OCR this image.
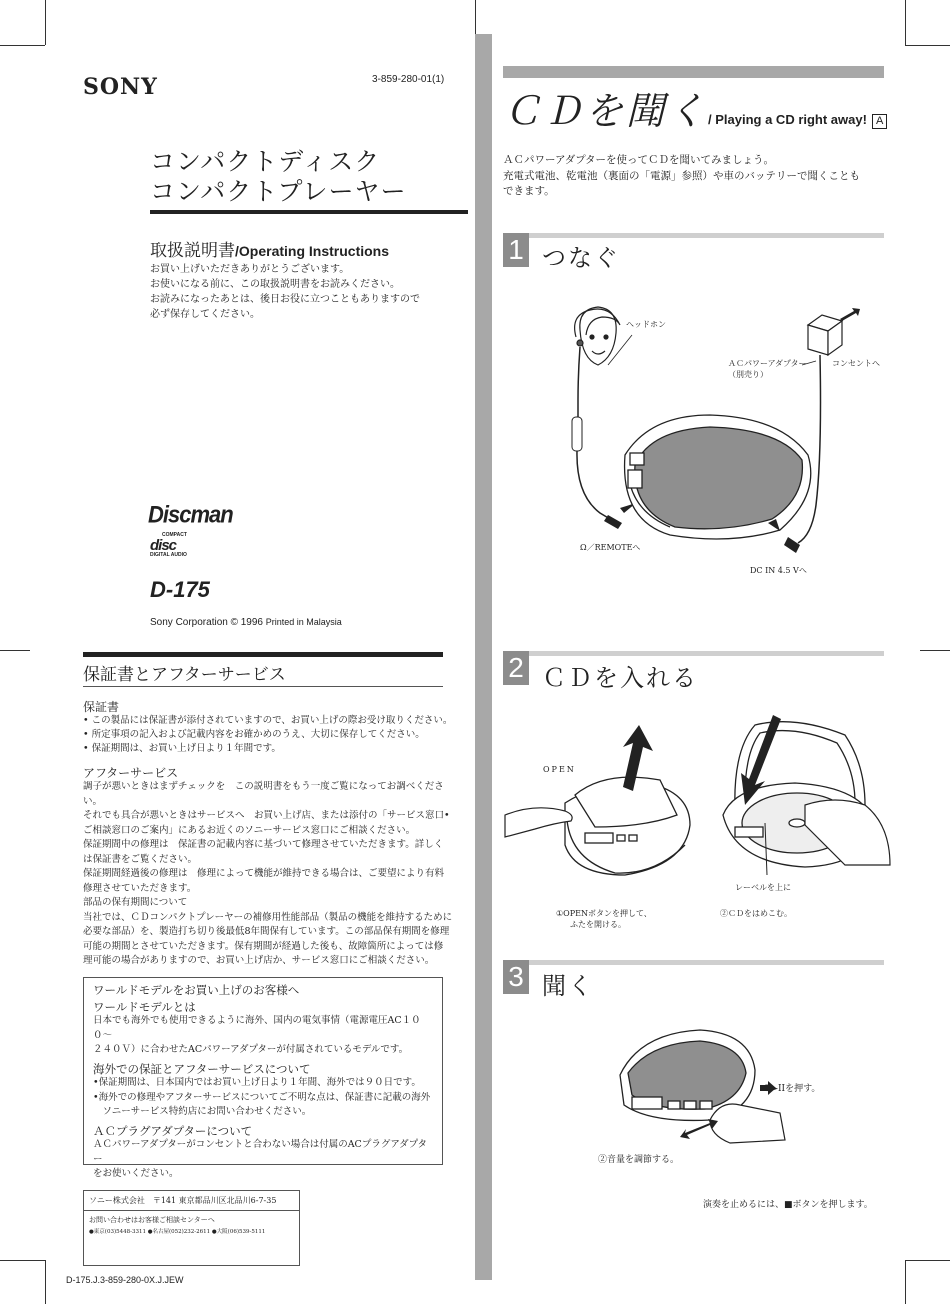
SONY	3-859-280-01(1)
コンパクトディスク
コンパクトプレーヤー
取扱説明書/Operating Instructions

お買い上げいただきありがとうございます。

お使いになる前に、この取扱説明書をお読みください。

お読みになったあとは、後日お役に立つこともありますので

必ず保存してください。

Discman
COMPACT
disc
DIGITAL AUDIO
D-175
Sony Corporation © 1996 Printed in Malaysia
保証書とアフターサービス
保証書
• この製品には保証書が添付されていますので、お買い上げの際お受け取りください。
• 所定事項の記入および記載内容をお確かめのうえ、大切に保存してください。
• 保証期間は、お買い上げ日より１年間です。
アフターサービス

調子が悪いときはまずチェックを　この説明書をもう一度ご覧になってお調べくださ

い。

それでも具合が悪いときはサービスへ　お買い上げ店、または添付の「サービス窓口•

ご相談窓口のご案内」にあるお近くのソニーサービス窓口にご相談ください。

保証期間中の修理は　保証書の記載内容に基づいて修理させていただきます。詳しく

は保証書をご覧ください。

保証期間経過後の修理は　修理によって機能が維持できる場合は、ご要望により有料

修理させていただきます。

部品の保有期間について

当社では、ＣＤコンパクトプレーヤーの補修用性能部品（製品の機能を維持するために

必要な部品）を、製造打ち切り後最低8年間保有しています。この部品保有期間を修理

可能の期間とさせていただきます。保有期間が経過した後も、故障箇所によっては修

理可能の場合がありますので、お買い上げ店か、サービス窓口にご相談ください。

ワールドモデルをお買い上げのお客様へ

ワールドモデルとは

日本でも海外でも使用できるように海外、国内の電気事情（電源電圧AC１００〜

２４０Ｖ）に合わせたACパワーアダプターが付属されているモデルです。

海外での保証とアフターサービスについて

•保証期間は、日本国内ではお買い上げ日より１年間、海外では９０日です。

•海外での修理やアフターサービスについてご不明な点は、保証書に記載の海外

　ソニーサービス特約店にお問い合わせください。

ＡＣプラグアダプターについて

ＡＣパワーアダプターがコンセントと合わない場合は付属のACプラグアダプター

をお使いください。

ソニー株式会社　〒141 東京都品川区北品川6-7-35
お問い合わせはお客様ご相談センターへ
●東京(03)5448-3311 ●名古屋(052)232-2611 ●大阪(06)539-5111
D-175.J.3-859-280-0X.J.JEW
ＣＤを聞く/ Playing a CD right away! A

ＡＣパワーアダプターを使ってＣＤを聞いてみましょう。

充電式電池、乾電池（裏面の「電源」参照）や車のバッテリーで聞くことも

できます。

1 つなぐ
ヘッドホン
ＡＣパワーアダプター
（別売り）
コンセントへ
Ω／REMOTEへ
DC IN 4.5 Vへ
2 ＣＤを入れる
OPEN
レーベルを上に
①OPENボタンを押して、
ふたを開ける。
②ＣＤをはめこむ。
3 聞く
①►IIを押す。
②音量を調節する。
演奏を止めるには、■ボタンを押します。
